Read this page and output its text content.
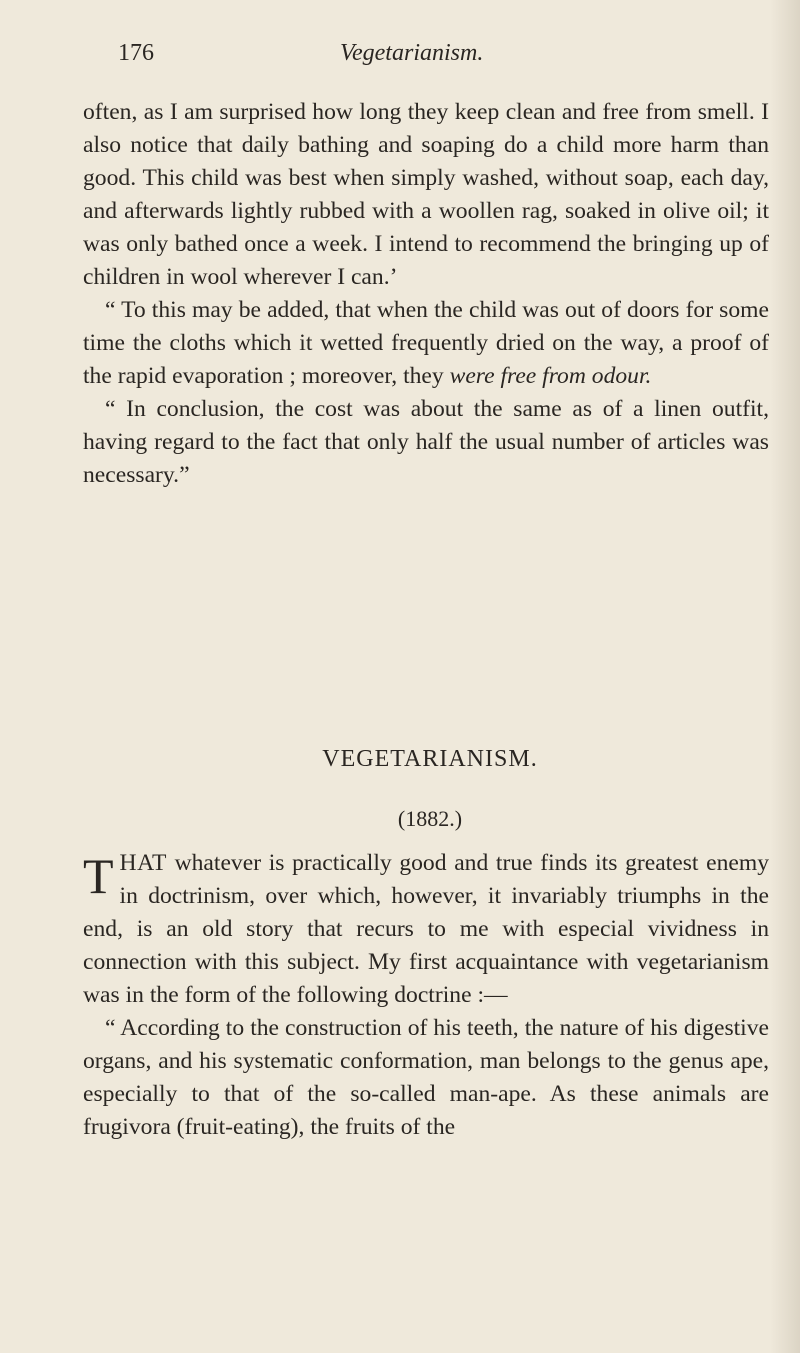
176	Vegetarianism.

often, as I am surprised how long they keep clean and free from smell. I also notice that daily bathing and soaping do a child more harm than good. This child was best when simply washed, without soap, each day, and afterwards lightly rubbed with a woollen rag, soaked in olive oil; it was only bathed once a week. I intend to recommend the bringing up of children in wool wherever I can.’

“ To this may be added, that when the child was out of doors for some time the cloths which it wetted frequently dried on the way, a proof of the rapid evaporation ; moreover, they were free from odour.

“ In conclusion, the cost was about the same as of a linen outfit, having regard to the fact that only half the usual number of articles was necessary.”

VEGETARIANISM.
(1882.)

THAT whatever is practically good and true finds its greatest enemy in doctrinism, over which, however, it invariably triumphs in the end, is an old story that recurs to me with especial vividness in connection with this subject. My first acquaintance with vegetarianism was in the form of the following doctrine :—

“ According to the construction of his teeth, the nature of his digestive organs, and his systematic conformation, man belongs to the genus ape, especially to that of the so-called man-ape. As these animals are frugivora (fruit-eating), the fruits of the
